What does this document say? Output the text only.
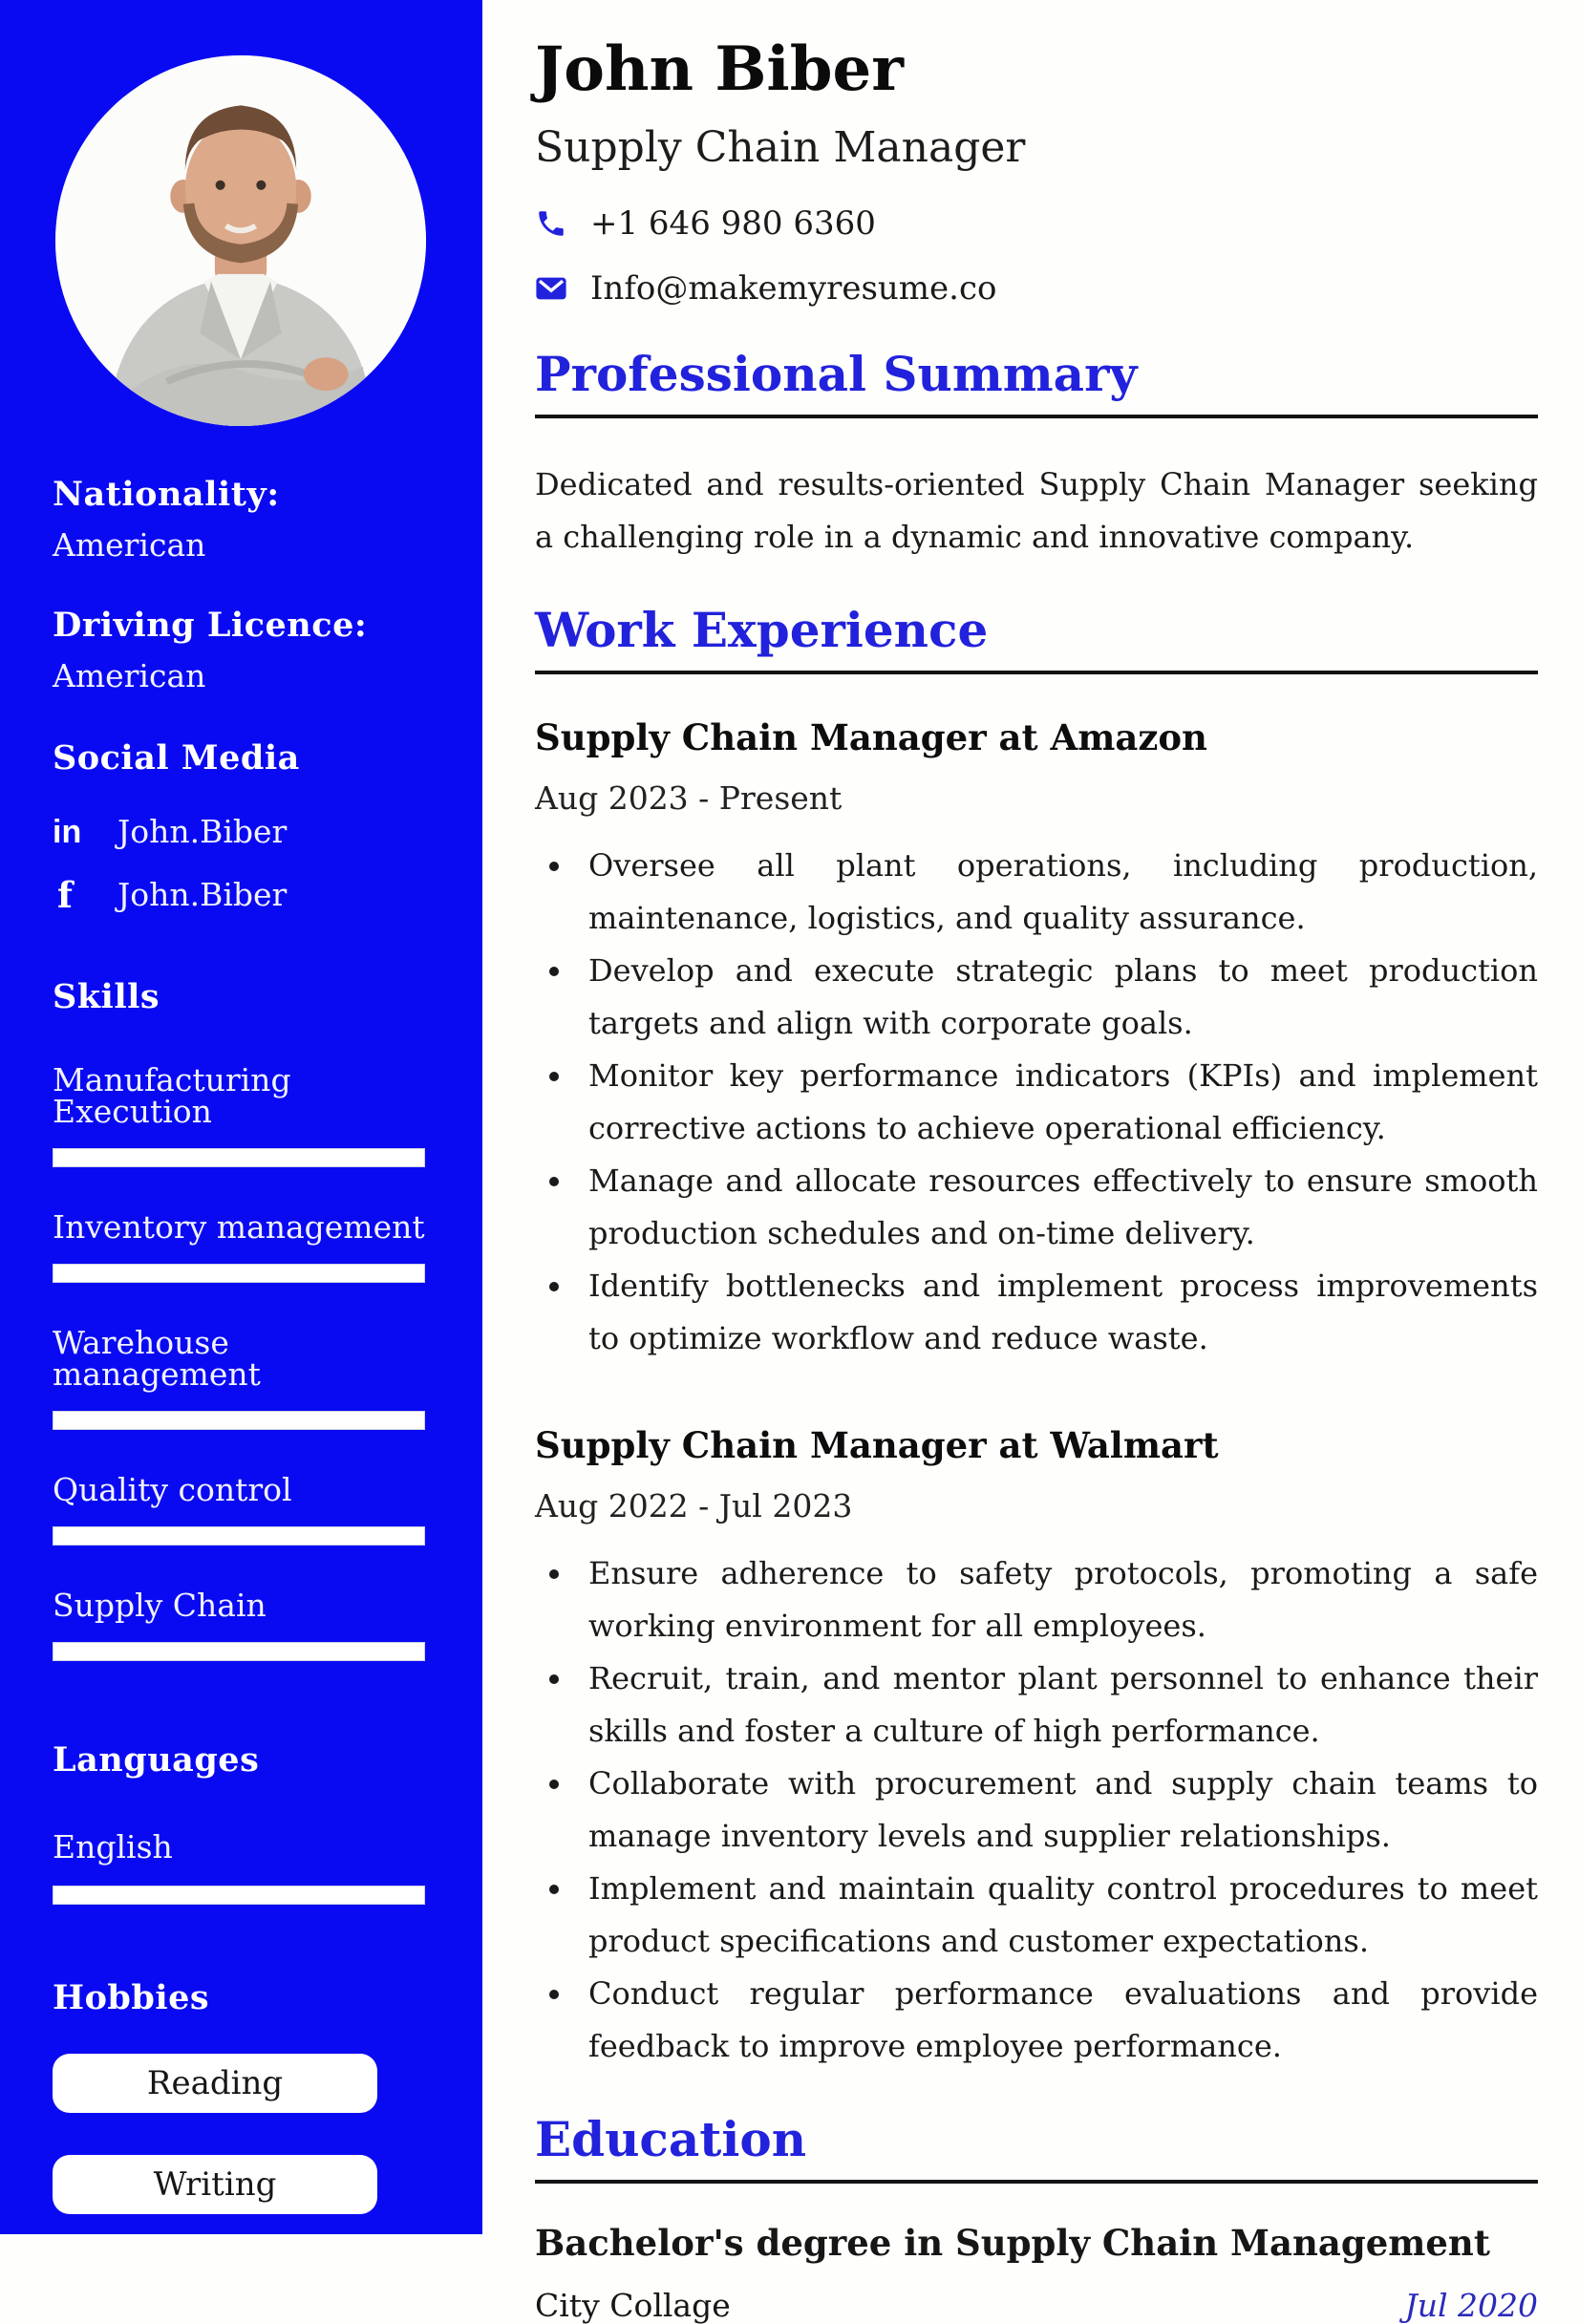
Nationality:
American
Driving Licence:
American
Social Media
in	John.Biber
f	John.Biber
Skills
Manufacturing Execution
Inventory management
Warehouse management
Quality control
Supply Chain
Languages
English
Hobbies
Reading
Writing
John Biber
Supply Chain Manager
+1 646 980 6360
Info@makemyresume.co
Professional Summary

Dedicated and results-oriented Supply Chain Manager seeking a challenging role in a dynamic and innovative company.

Work Experience
Supply Chain Manager at Amazon
Aug 2023 - Present
• Oversee all plant operations, including production, maintenance, logistics, and quality assurance.
• Develop and execute strategic plans to meet production targets and align with corporate goals.
• Monitor key performance indicators (KPIs) and implement corrective actions to achieve operational efficiency.
• Manage and allocate resources effectively to ensure smooth production schedules and on-time delivery.
• Identify bottlenecks and implement process improvements to optimize workflow and reduce waste.
Supply Chain Manager at Walmart
Aug 2022 - Jul 2023
• Ensure adherence to safety protocols, promoting a safe working environment for all employees.
• Recruit, train, and mentor plant personnel to enhance their skills and foster a culture of high performance.
• Collaborate with procurement and supply chain teams to manage inventory levels and supplier relationships.
• Implement and maintain quality control procedures to meet product specifications and customer expectations.
• Conduct regular performance evaluations and provide feedback to improve employee performance.
Education
Bachelor's degree in Supply Chain Management
City Collage	Jul 2020
